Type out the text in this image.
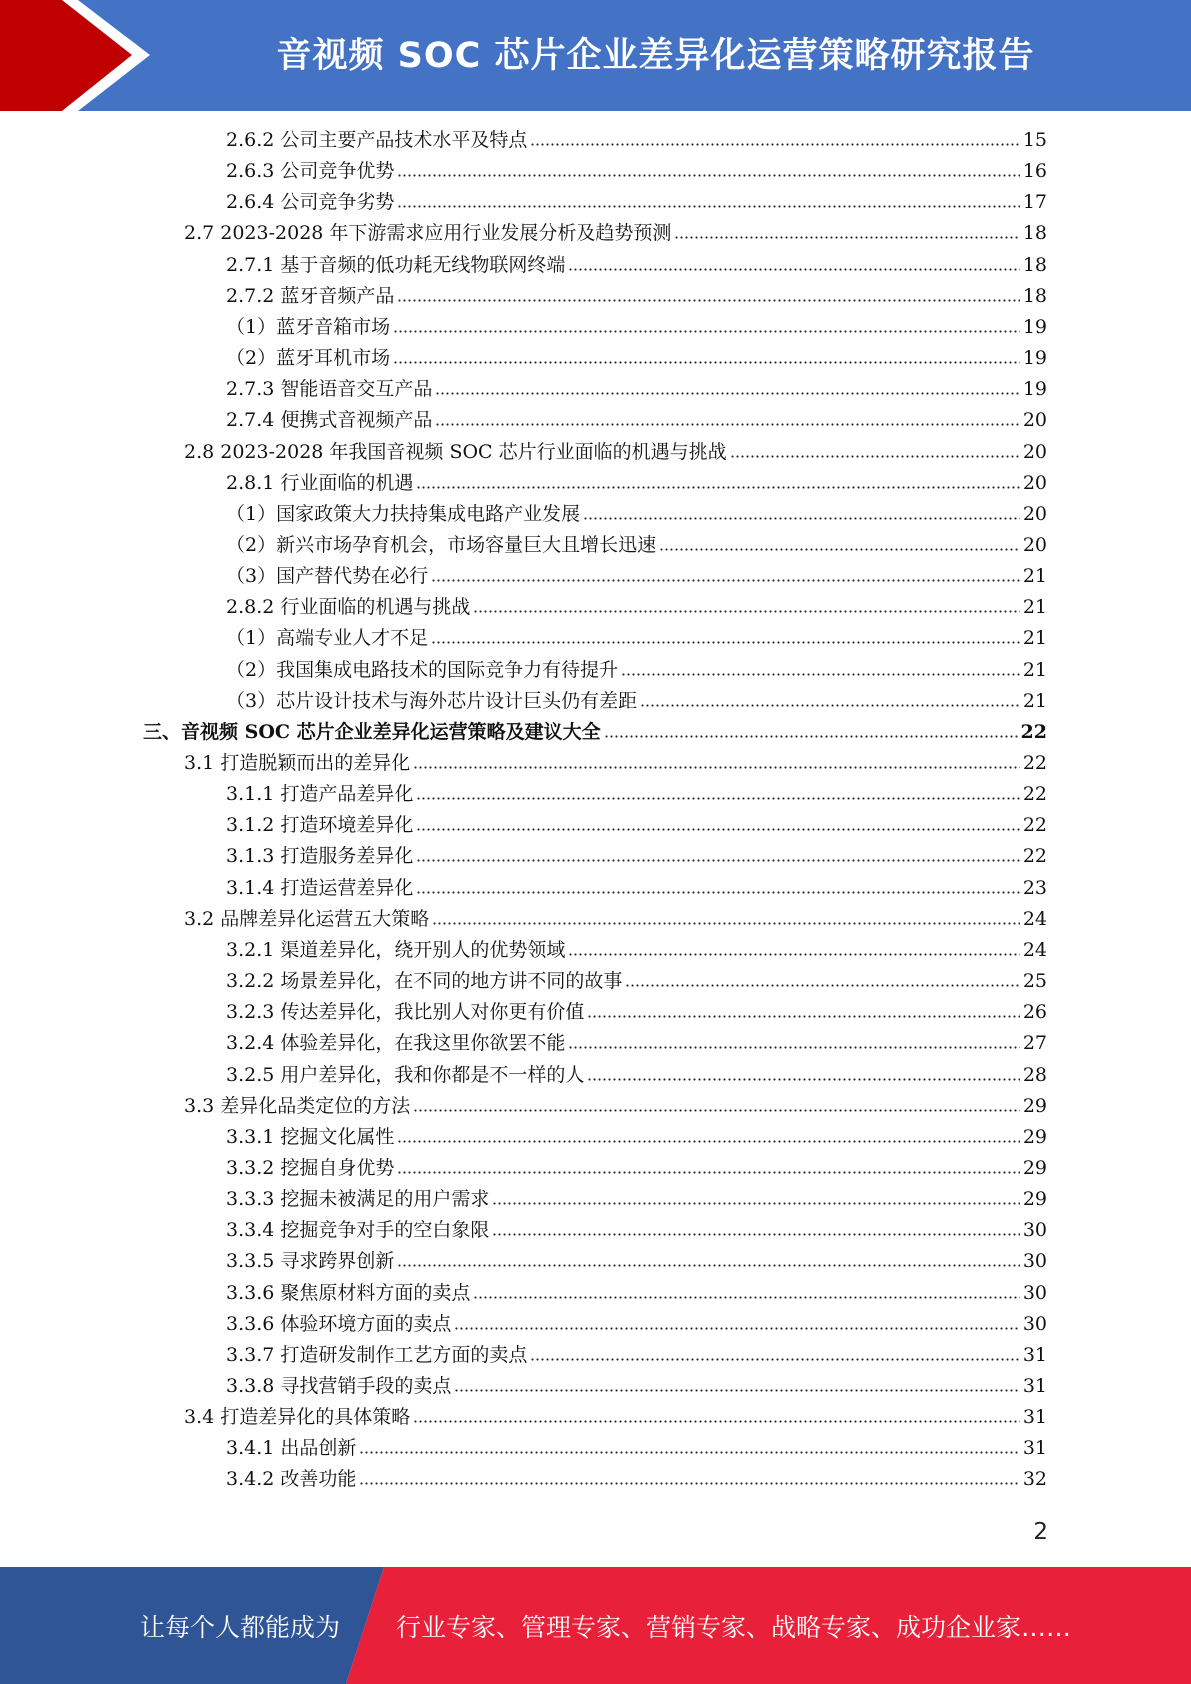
音视频 SOC 芯片企业差异化运营策略研究报告
2.6.2 公司主要产品技术水平及特点	15
2.6.3 公司竞争优势	16
2.6.4 公司竞争劣势	17
2.7 2023-2028 年下游需求应用行业发展分析及趋势预测	18
2.7.1 基于音频的低功耗无线物联网终端	18
2.7.2 蓝牙音频产品	18
（1）蓝牙音箱市场	19
（2）蓝牙耳机市场	19
2.7.3 智能语音交互产品	19
2.7.4 便携式音视频产品	20
2.8 2023-2028 年我国音视频 SOC 芯片行业面临的机遇与挑战	20
2.8.1 行业面临的机遇	20
（1）国家政策大力扶持集成电路产业发展	20
（2）新兴市场孕育机会，市场容量巨大且增长迅速	20
（3）国产替代势在必行	21
2.8.2 行业面临的机遇与挑战	21
（1）高端专业人才不足	21
（2）我国集成电路技术的国际竞争力有待提升	21
（3）芯片设计技术与海外芯片设计巨头仍有差距	21
三、音视频 SOC 芯片企业差异化运营策略及建议大全	22
3.1 打造脱颖而出的差异化	22
3.1.1 打造产品差异化	22
3.1.2 打造环境差异化	22
3.1.3 打造服务差异化	22
3.1.4 打造运营差异化	23
3.2 品牌差异化运营五大策略	24
3.2.1 渠道差异化，绕开别人的优势领域	24
3.2.2 场景差异化，在不同的地方讲不同的故事	25
3.2.3 传达差异化，我比别人对你更有价值	26
3.2.4 体验差异化，在我这里你欲罢不能	27
3.2.5 用户差异化，我和你都是不一样的人	28
3.3 差异化品类定位的方法	29
3.3.1 挖掘文化属性	29
3.3.2 挖掘自身优势	29
3.3.3 挖掘未被满足的用户需求	29
3.3.4 挖掘竞争对手的空白象限	30
3.3.5 寻求跨界创新	30
3.3.6 聚焦原材料方面的卖点	30
3.3.6 体验环境方面的卖点	30
3.3.7 打造研发制作工艺方面的卖点	31
3.3.8 寻找营销手段的卖点	31
3.4 打造差异化的具体策略	31
3.4.1 出品创新	31
3.4.2 改善功能	32
2
让每个人都能成为 行业专家、管理专家、营销专家、战略专家、成功企业家……
